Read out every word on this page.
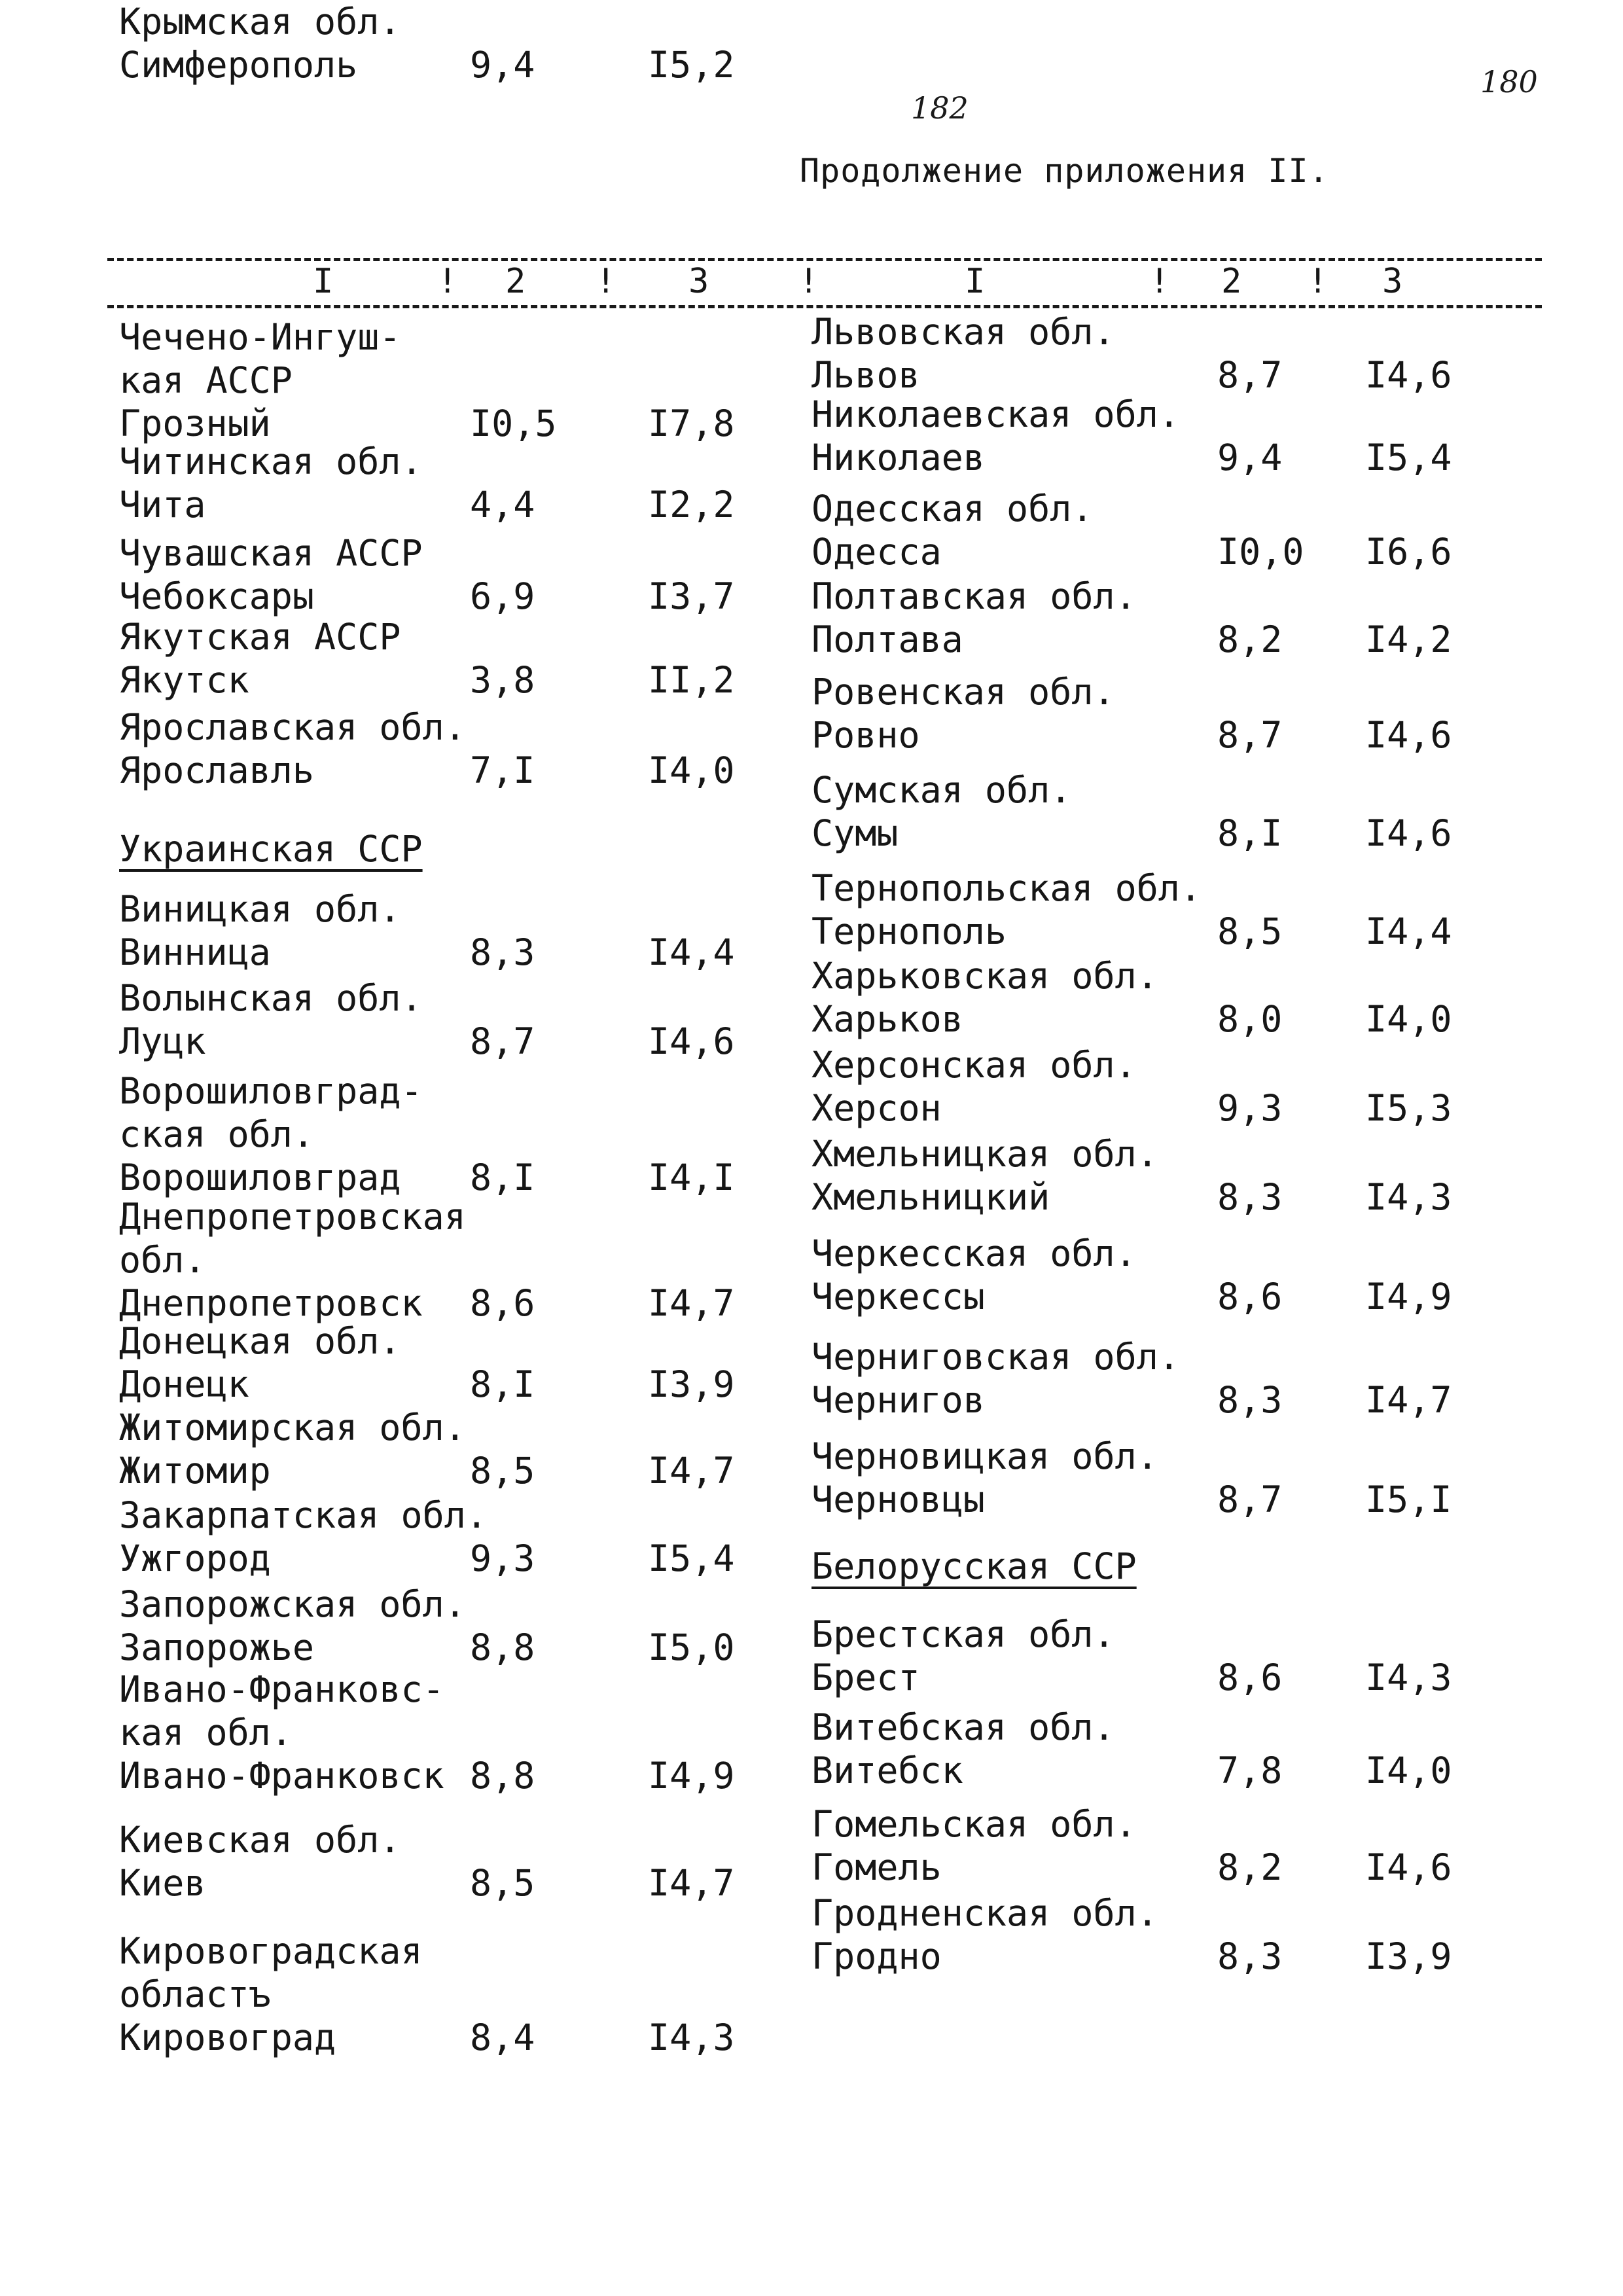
182
180
Продолжение приложения II.
I	! 2 ! 3	!	I	! 2 ! 3
Чечено-Ингуш-
кая АССР
Грозный	I0,5	I7,8
Читинская обл.
Чита	4,4	I2,2
Чувашская АССР
Чебоксары	6,9	I3,7
Якутская АССР
Якутск	3,8	II,2
Ярославская обл.
Ярославль	7,I	I4,0
Украинская ССР
Виницкая обл.
Винница	8,3	I4,4
Волынская обл.
Луцк	8,7	I4,6
Ворошиловград-
ская обл.
Ворошиловград	8,I	I4,I
Днепропетровская
обл.
Днепропетровск	8,6	I4,7
Донецкая обл.
Донецк	8,I	I3,9
Житомирская обл.
Житомир	8,5	I4,7
Закарпатская обл.
Ужгород	9,3	I5,4
Запорожская обл.
Запорожье	8,8	I5,0
Ивано-Франковс-
кая обл.
Ивано-Франковск 8,8	I4,9
Киевская обл.
Киев	8,5	I4,7
Кировоградская
областъ
Кировоград	8,4	I4,3
Крымская обл.
Симферополь	9,4	I5,2
Львовская обл.
Львов	8,7 I4,6
Николаевская обл.
Николаев	9,4 I5,4
Одесская обл.
Одесса	I0,0 I6,6
Полтавская обл.
Полтава	8,2 I4,2
Ровенская обл.
Ровно	8,7 I4,6
Сумская обл.
Сумы	8,I I4,6
Тернопольская обл.
Тернополь	8,5 I4,4
Харьковская обл.
Харьков	8,0 I4,0
Херсонская обл.
Херсон	9,3 I5,3
Хмельницкая обл.
Хмельницкий	8,3 I4,3
Черкесская обл.
Черкессы	8,6 I4,9
Черниговская обл.
Чернигов	8,3 I4,7
Черновицкая обл.
Черновцы	8,7 I5,I
Белорусская ССР
Брестская обл.
Брест	8,6 I4,3
Витебская обл.
Витебск	7,8 I4,0
Гомельская обл.
Гомель	8,2 I4,6
Гродненская обл.
Гродно	8,3 I3,9
